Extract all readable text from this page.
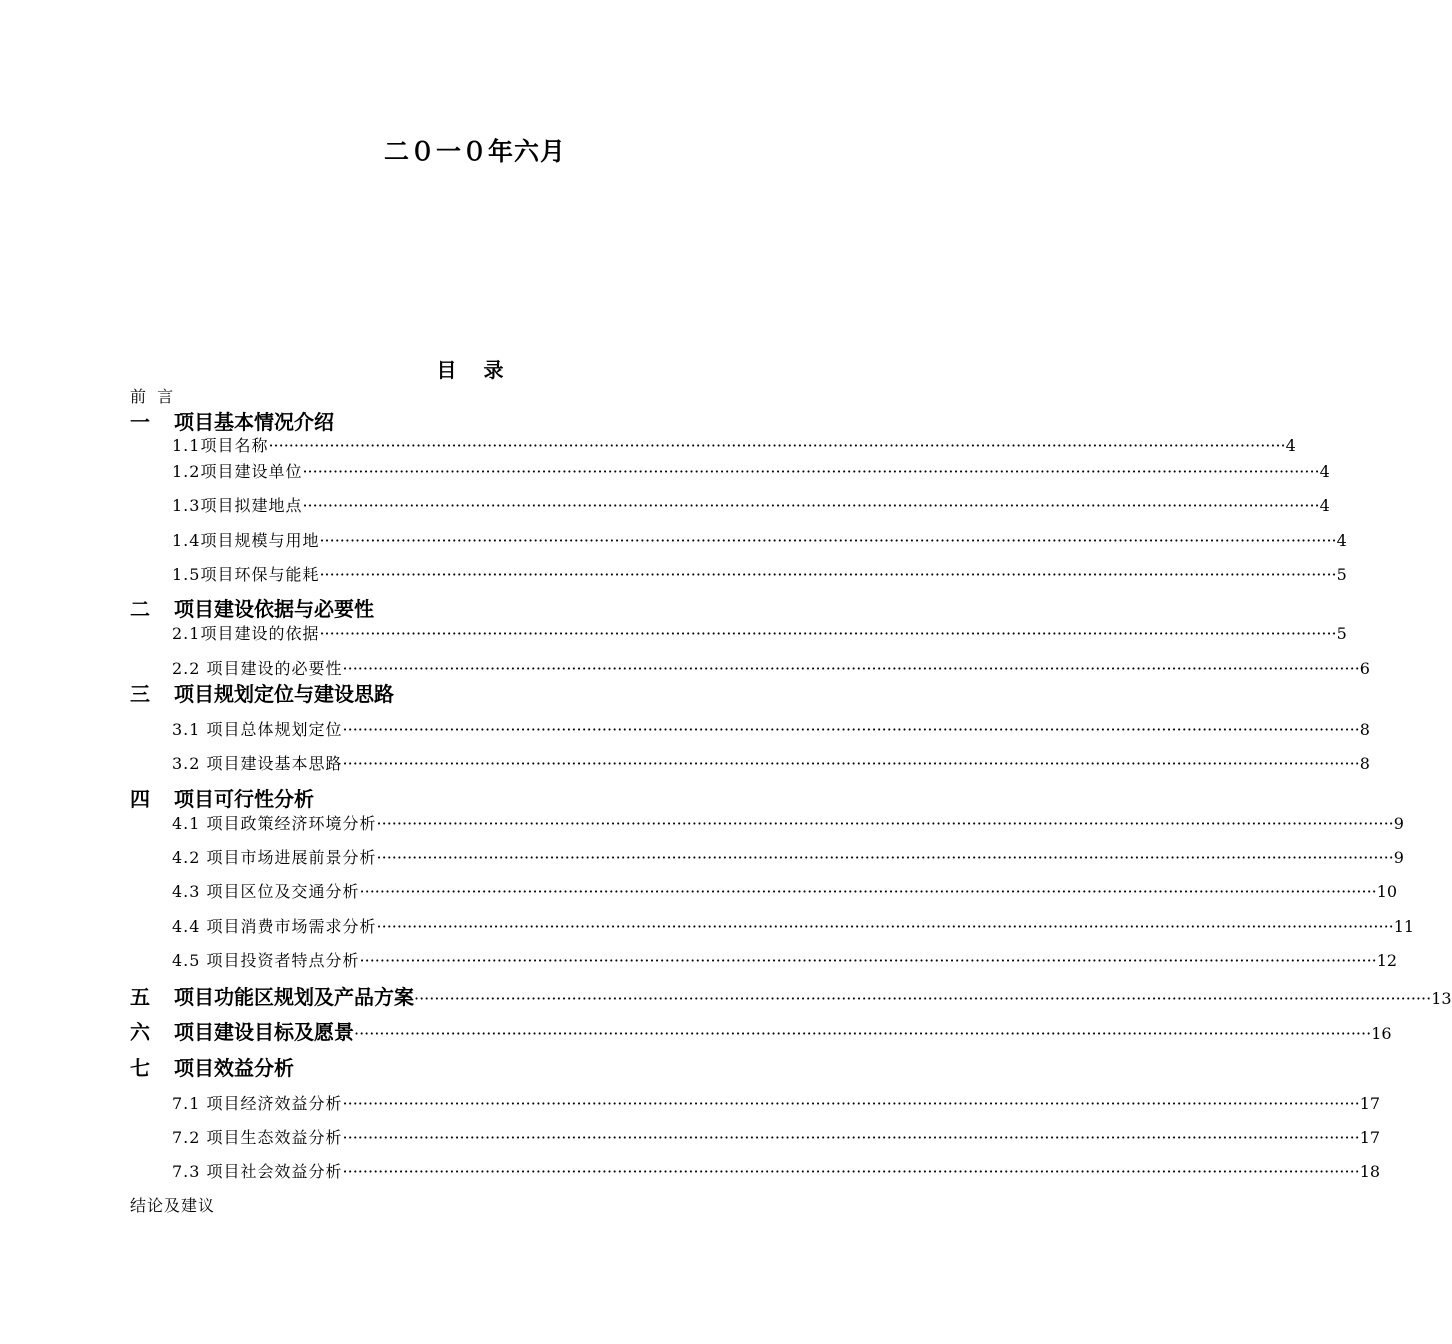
二０一０年六月
目 录
前 言
一 项目基本情况介绍
1.1项目名称 ········································································································································································································ 4
1.2项目建设单位 ········································································································································································································ 4
1.3项目拟建地点 ········································································································································································································ 4
1.4项目规模与用地 ········································································································································································································ 4
1.5项目环保与能耗 ········································································································································································································ 5
二 项目建设依据与必要性
2.1项目建设的依据 ········································································································································································································ 5
2.2 项目建设的必要性 ········································································································································································································ 6
三 项目规划定位与建设思路
3.1 项目总体规划定位 ········································································································································································································ 8
3.2 项目建设基本思路 ········································································································································································································ 8
四 项目可行性分析
4.1 项目政策经济环境分析 ········································································································································································································ 9
4.2 项目市场进展前景分析 ········································································································································································································ 9
4.3 项目区位及交通分析 ········································································································································································································ 10
4.4 项目消费市场需求分析 ········································································································································································································ 11
4.5 项目投资者特点分析 ········································································································································································································ 12
五 项目功能区规划及产品方案 ········································································································································································································ 13
六 项目建设目标及愿景 ········································································································································································································ 16
七 项目效益分析
7.1 项目经济效益分析 ········································································································································································································ 17
7.2 项目生态效益分析 ········································································································································································································ 17
7.3 项目社会效益分析 ········································································································································································································ 18
结论及建议
